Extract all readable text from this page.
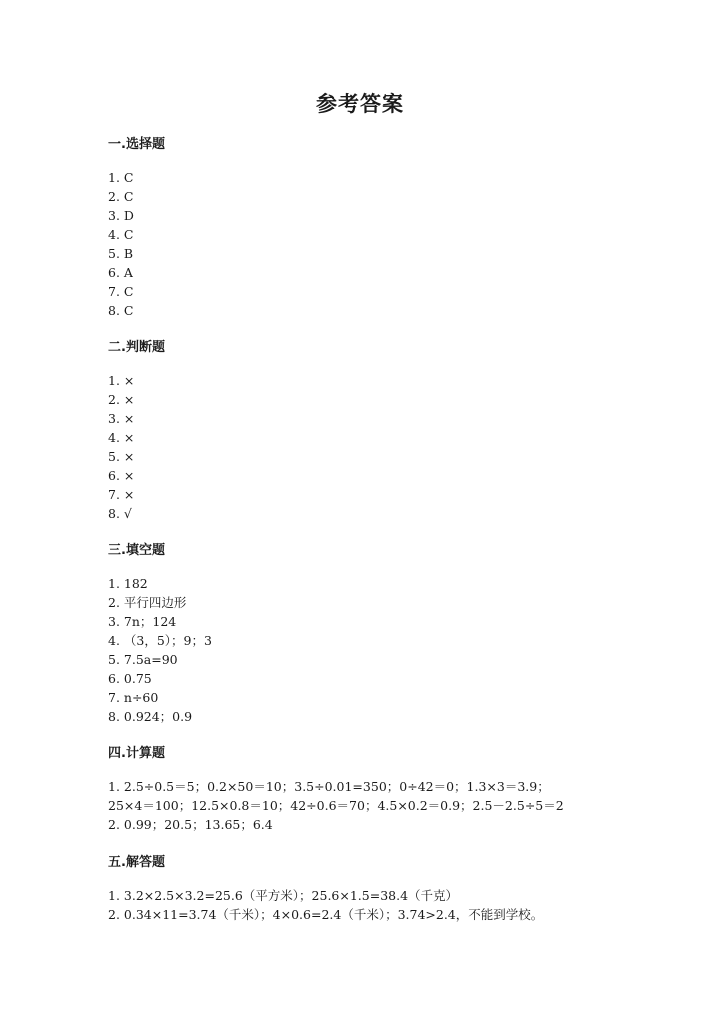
参考答案
一.选择题
1. C
2. C
3. D
4. C
5. B
6. A
7. C
8. C
二.判断题
1. ×
2. ×
3. ×
4. ×
5. ×
6. ×
7. ×
8. √
三.填空题
1. 182
2. 平行四边形
3. 7n；124
4. （3，5）；9；3
5. 7.5a=90
6. 0.75
7. n÷60
8. 0.924；0.9
四.计算题
1. 2.5÷0.5＝5；0.2×50＝10；3.5÷0.01=350；0÷42＝0；1.3×3＝3.9；
25×4＝100；12.5×0.8＝10；42÷0.6＝70；4.5×0.2＝0.9；2.5－2.5÷5＝2
2. 0.99；20.5；13.65；6.4
五.解答题
1. 3.2×2.5×3.2=25.6（平方米）；25.6×1.5=38.4（千克）
2. 0.34×11=3.74（千米）；4×0.6=2.4（千米）；3.74>2.4，不能到学校。
